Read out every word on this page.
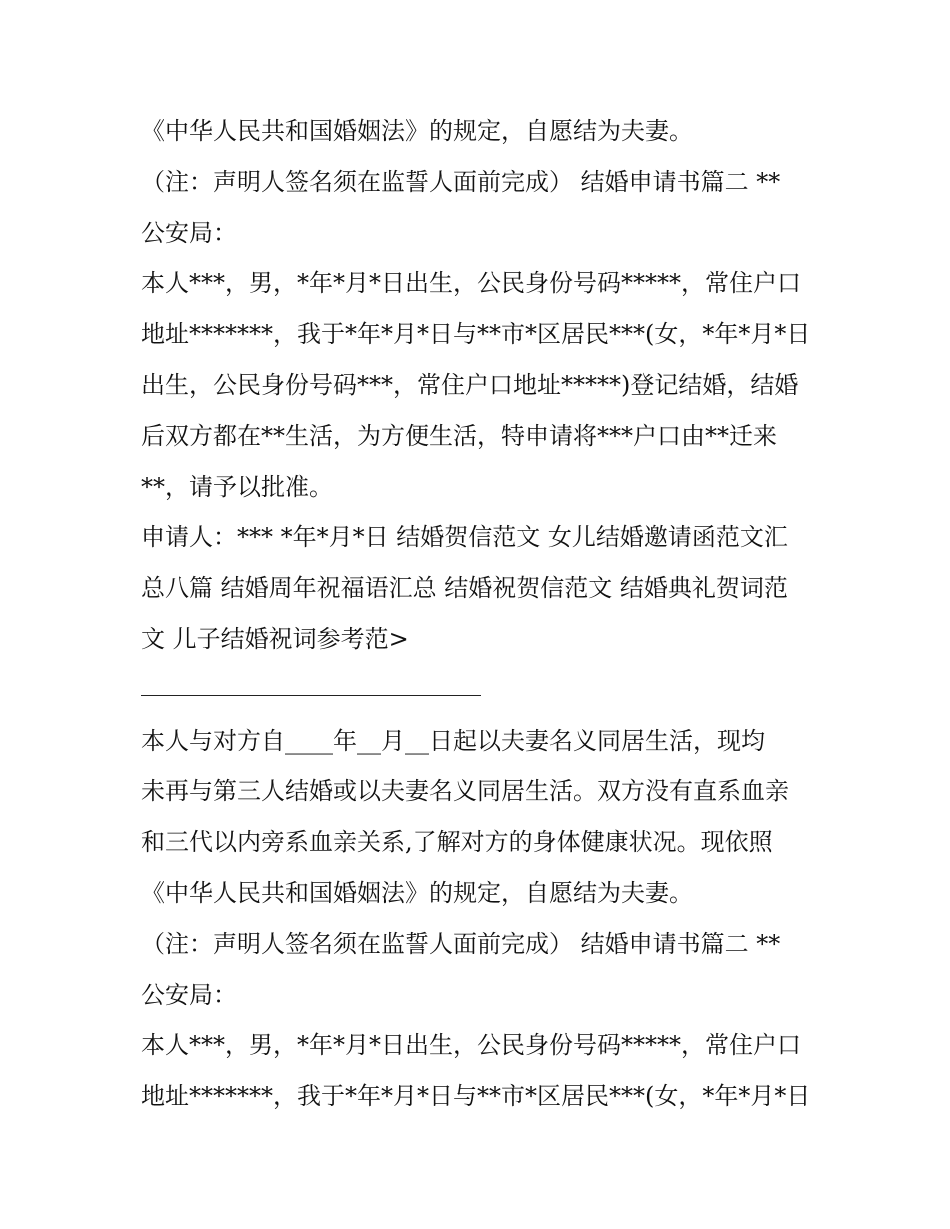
《中华人民共和国婚姻法》的规定，自愿结为夫妻。
（注：声明人签名须在监誓人面前完成） 结婚申请书篇二 **
公安局：
本人***，男，*年*月*日出生，公民身份号码*****，常住户口
地址*******，我于*年*月*日与**市*区居民***(女，*年*月*日
出生，公民身份号码***，常住户口地址*****)登记结婚，结婚
后双方都在**生活，为方便生活，特申请将***户口由**迁来
**，请予以批准。
申请人：*** *年*月*日 结婚贺信范文 女儿结婚邀请函范文汇
总八篇 结婚周年祝福语汇总 结婚祝贺信范文 结婚典礼贺词范
文 儿子结婚祝词参考范>
本人与对方自____年__月__日起以夫妻名义同居生活，现均
未再与第三人结婚或以夫妻名义同居生活。双方没有直系血亲
和三代以内旁系血亲关系,了解对方的身体健康状况。现依照
《中华人民共和国婚姻法》的规定，自愿结为夫妻。
（注：声明人签名须在监誓人面前完成） 结婚申请书篇二 **
公安局：
本人***，男，*年*月*日出生，公民身份号码*****，常住户口
地址*******，我于*年*月*日与**市*区居民***(女，*年*月*日
